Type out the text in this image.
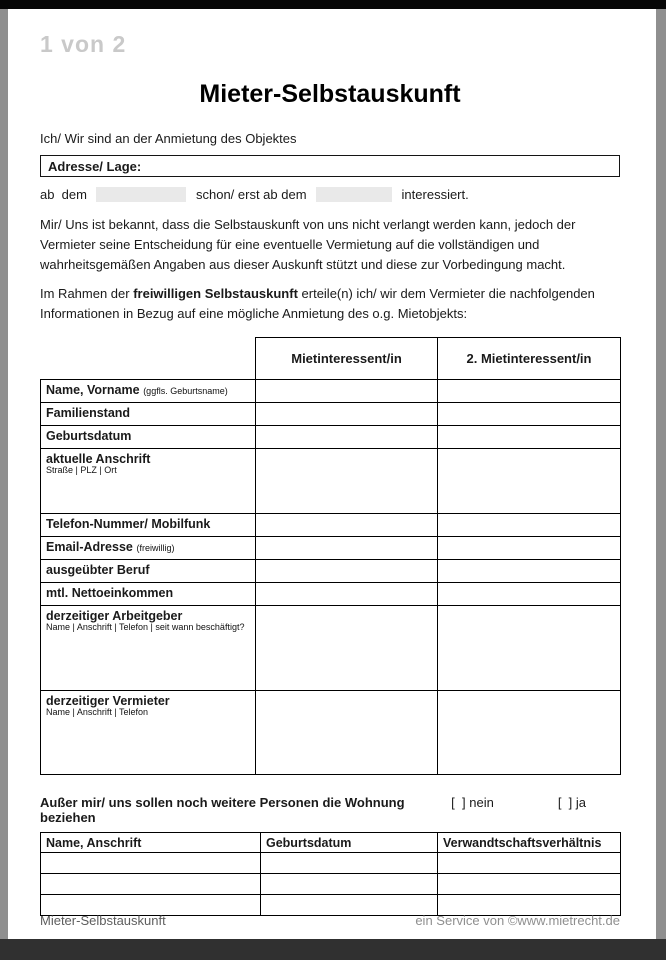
1 von 2
Mieter-Selbstauskunft

Ich/ Wir sind an der Anmietung des Objektes

Adresse/ Lage:
ab  dem	schon/ erst ab dem	interessiert.

Mir/ Uns ist bekannt, dass die Selbstauskunft von uns nicht verlangt werden kann, jedoch der Vermieter seine Entscheidung für eine eventuelle Vermietung auf die vollständigen und wahrheitsgemäßen Angaben aus dieser Auskunft stützt und diese zur Vorbedingung macht.

Im Rahmen der freiwilligen Selbstauskunft erteile(n) ich/ wir dem Vermieter die nachfolgenden Informationen in Bezug auf eine mögliche Anmietung des o.g. Mietobjekts:

	Mietinteressent/in	2. Mietinteressent/in
Name, Vorname (ggfls. Geburtsname)		
Familienstand		
Geburtsdatum		
aktuelle Anschrift
Straße | PLZ | Ort		

Telefon-Nummer/ Mobilfunk		
Email-Adresse (freiwillig)		
ausgeübter Beruf		
mtl. Nettoeinkommen		
derzeitiger Arbeitgeber
Name | Anschrift | Telefon | seit wann beschäftigt?		

derzeitiger Vermieter
Name | Anschrift | Telefon		

Außer mir/ uns sollen noch weitere Personen die Wohnung beziehen
[  ] nein	[  ] ja
Name, Anschrift	Geburtsdatum	Verwandtschaftsverhältnis

Mieter-Selbstauskunft	ein Service von ©www.mietrecht.de
